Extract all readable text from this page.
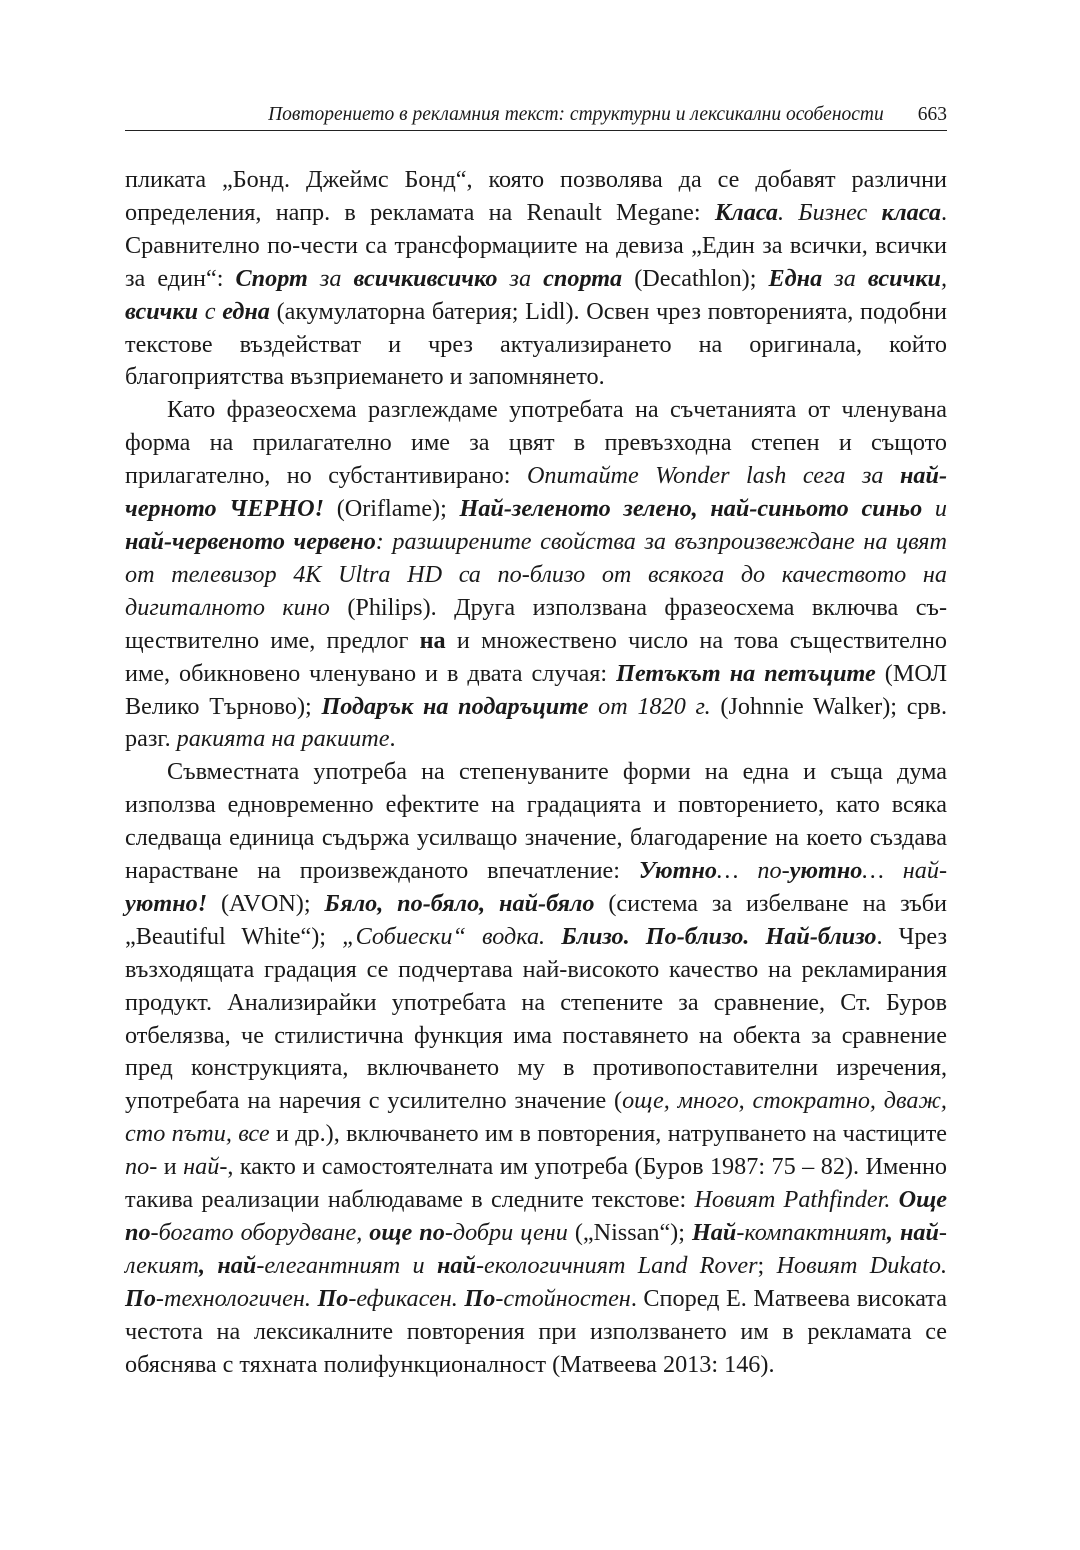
Повторението в рекламния текст: структурни и лексикални особености 663

пликата „Бонд. Джеймс Бонд“, която позволява да се добавят различни определения, напр. в рекламата на Renault Megane: Класа. Бизнес класа. Сравнително по-чести са трансформациите на девиза „Един за всички, всички за един“: Спорт за всичкивсичко за спорта (Decathlon); Една за всички, всички с една (акумулаторна батерия; Lidl). Освен чрез повторенията, подобни текстове въздействат и чрез актуализирането на оригинала, който благоприятства възприемането и запомнянето.

Като фразеосхема разглеждаме употребата на съчетанията от членувана форма на прилагателно име за цвят в превъзходна степен и същото прилагателно, но субстантивирано: Опитайте Wonder lash сега за най-черното ЧЕРНО! (Oriflame); Най-зеленото зелено, най-синьото синьо и най-червеното червено: разширените свойства за възпроизвеждане на цвят от телевизор 4K Ultra HD са по-близо от всякога до качеството на дигиталното кино (Philips). Друга използвана фразеосхема включва съществително име, предлог на и множествено число на това съществително име, обикновено членувано и в двата случая: Петъкът на петъците (МОЛ Велико Търново); Подарък на подаръците от 1820 г. (Johnnie Walker); срв. разг. ракията на ракиите.

Съвместната употреба на степенуваните форми на една и съща дума използва едновременно ефектите на градацията и повторението, като всяка следваща единица съдържа усилващо значение, благодарение на което създава нарастване на произвежданото впечатление: Уютно… по-уютно… най-уютно! (AVON); Бяло, по-бяло, най-бяло (система за избелване на зъби „Beautiful White“); „Собиески“ водка. Близо. По-близо. Най-близо. Чрез възходящата градация се подчертава най-високото качество на рекламирания продукт. Анализирайки употребата на степените за сравнение, Ст. Буров отбелязва, че стилистична функция има поставянето на обекта за сравнение пред конструкцията, включването му в противопоставителни изречения, употребата на наречия с усилително значение (още, много, стократно, дваж, сто пъти, все и др.), включването им в повторения, натрупването на частиците по- и най-, както и самостоятелната им употреба (Буров 1987: 75 – 82). Именно такива реализации наблюдаваме в следните текстове: Новият Pathfinder. Още по-богато оборудване, още по-добри цени („Nissan“); Най-компактният, най-лекият, най-елегантният и най-екологичният Land Rover; Новият Dukato. По-технологичен. По-ефикасен. По-стойностен. Според Е. Матвеева високата честота на лексикалните повторения при използването им в рекламата се обяснява с тяхната полифункционалност (Матвеева 2013: 146).
